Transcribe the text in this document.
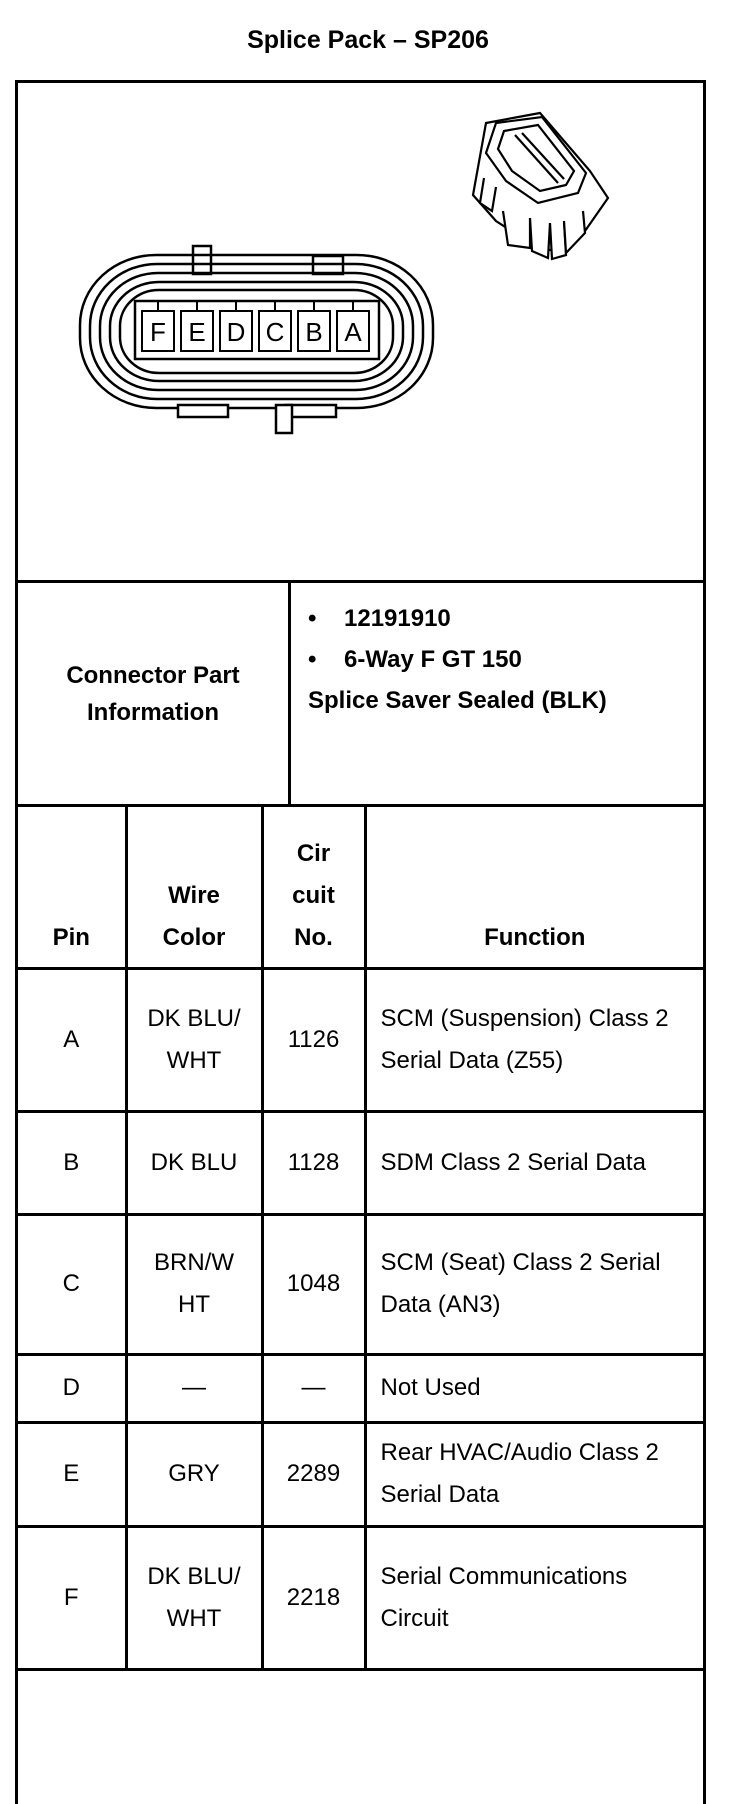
Splice Pack – SP206
F E D C B A
Connector Part Information
•	12191910
•	6-Way F GT 150
Splice Saver Sealed (BLK)
Pin	Wire Color	Cir cuit No.	Function
A	DK BLU/ WHT	1126	SCM (Suspension) Class 2 Serial Data (Z55)
B	DK BLU	1128	SDM Class 2 Serial Data
C	BRN/W HT	1048	SCM (Seat) Class 2 Serial Data (AN3)
D	—	—	Not Used
E	GRY	2289	Rear HVAC/Audio Class 2 Serial Data
F	DK BLU/ WHT	2218	Serial Communications Circuit
